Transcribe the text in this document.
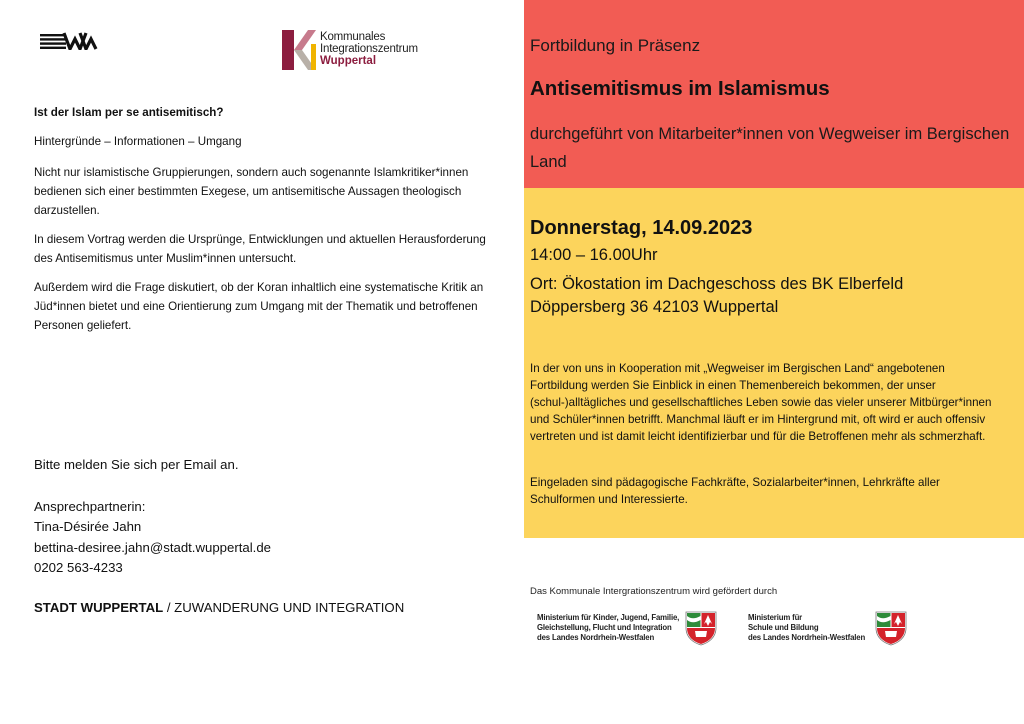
Kommunales
Integrationszentrum
Wuppertal
Ist der Islam per se antisemitisch?

Hintergründe – Informationen – Umgang

Nicht nur islamistische Gruppierungen, sondern auch sogenannte Islamkritiker*innen bedienen sich einer bestimmten Exegese, um antisemitische Aussagen theologisch darzustellen.

In diesem Vortrag werden die Ursprünge, Entwicklungen und aktuellen Herausforderung des Antisemitismus unter Muslim*innen untersucht.

Außerdem wird die Frage diskutiert, ob der Koran inhaltlich eine systematische Kritik an Jüd*innen bietet und eine Orientierung zum Umgang mit der Thematik und betroffenen Personen geliefert.

Bitte melden Sie sich per Email an.
Ansprechpartnerin:
Tina-Désirée Jahn
bettina-desiree.jahn@stadt.wuppertal.de
0202 563-4233
STADT WUPPERTAL / ZUWANDERUNG UND INTEGRATION
Fortbildung in Präsenz
Antisemitismus im Islamismus
durchgeführt von Mitarbeiter*innen von Wegweiser im Bergischen Land
Donnerstag, 14.09.2023
14:00 – 16.00Uhr
Ort: Ökostation im Dachgeschoss des BK Elberfeld
Döppersberg 36 42103 Wuppertal
In der von uns in Kooperation mit „Wegweiser im Bergischen Land“ angebotenen Fortbildung werden Sie Einblick in einen Themenbereich bekommen, der unser (schul-)alltägliches und gesellschaftliches Leben sowie das vieler unserer Mitbürger*innen und Schüler*innen betrifft. Manchmal läuft er im Hintergrund mit, oft wird er auch offensiv vertreten und ist damit leicht identifizierbar und für die Betroffenen mehr als schmerzhaft.
Eingeladen sind pädagogische Fachkräfte, Sozialarbeiter*innen, Lehrkräfte aller Schulformen und Interessierte.
Das Kommunale Intergrationszentrum wird gefördert durch
Ministerium für Kinder, Jugend, Familie,
Gleichstellung, Flucht und Integration
des Landes Nordrhein-Westfalen
Ministerium für
Schule und Bildung
des Landes Nordrhein-Westfalen
